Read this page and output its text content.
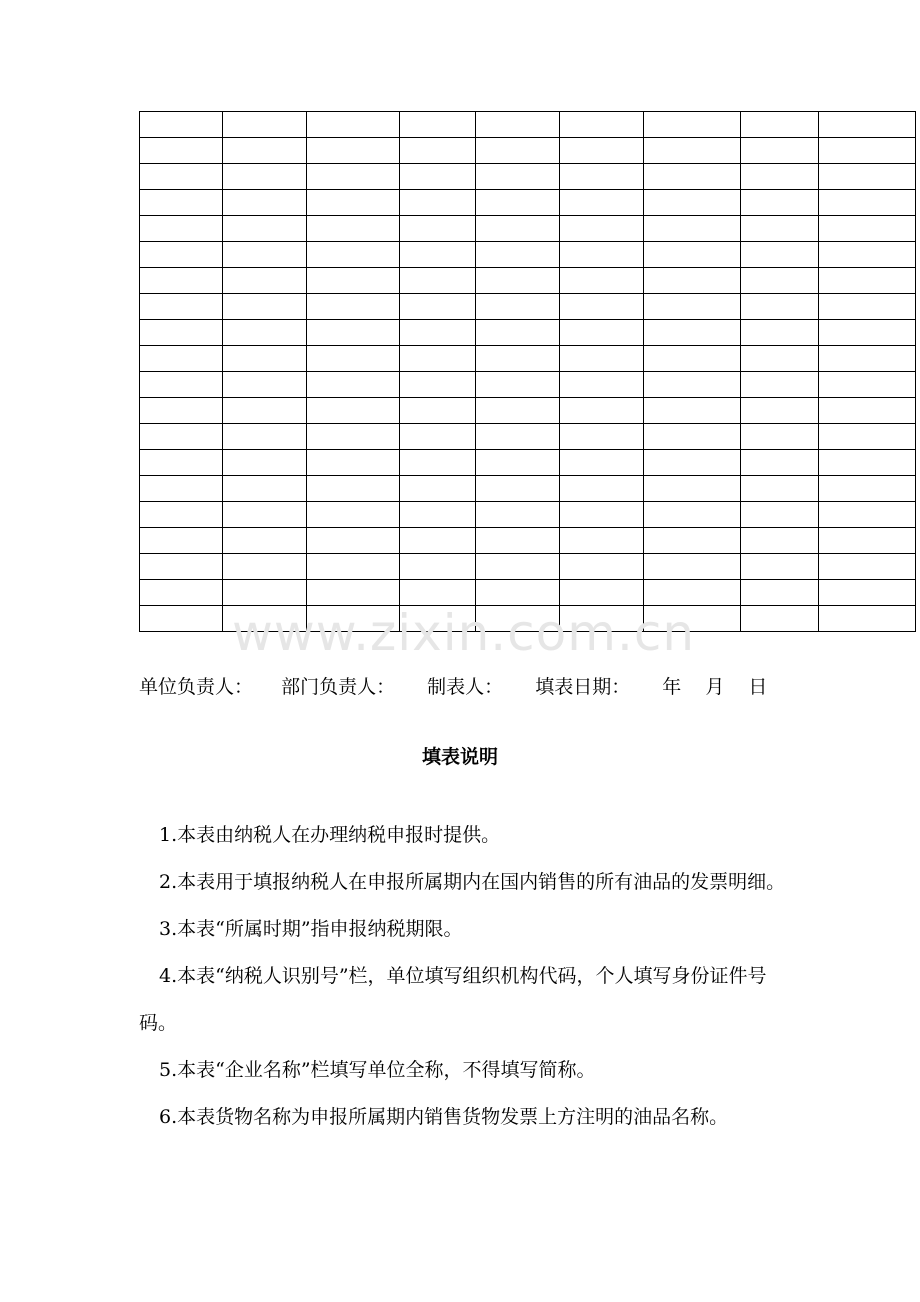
www.zixin.com.cn
单位负责人： 部门负责人： 制表人： 填表日期： 年 月 日
填表说明

1.本表由纳税人在办理纳税申报时提供。

2.本表用于填报纳税人在申报所属期内在国内销售的所有油品的发票明细。

3.本表“所属时期”指申报纳税期限。

4.本表“纳税人识别号”栏，单位填写组织机构代码，个人填写身份证件号码。

5.本表“企业名称”栏填写单位全称，不得填写简称。

6.本表货物名称为申报所属期内销售货物发票上方注明的油品名称。
